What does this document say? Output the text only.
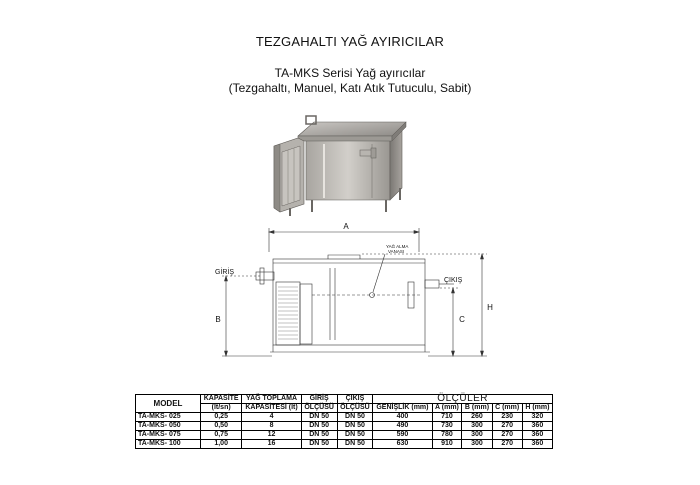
TEZGAHALTI YAĞ AYIRICILAR
TA-MKS Serisi Yağ ayırıcılar
(Tezgahaltı, Manuel, Katı Atık Tutuculu, Sabit)
A
B	C
H
GİRİŞ
ÇIKIŞ
YAĞ ALMA
VANASI
MODEL	KAPASİTE	YAĞ TOPLAMA	GİRİŞ	ÇIKIŞ	ÖLÇÜLER				
	(lt/sn)	KAPASİTESİ (lt)	ÖLÇÜSÜ	ÖLÇÜSÜ	GENİŞLİK (mm)	A (mm)	B (mm)	C (mm)	H (mm)
TA-MKS- 025	0,25	4	DN 50	DN 50	400	710	260	230	320
TA-MKS- 050	0,50	8	DN 50	DN 50	490	730	300	270	360
TA-MKS- 075	0,75	12	DN 50	DN 50	590	780	300	270	360
TA-MKS- 100	1,00	16	DN 50	DN 50	630	910	300	270	360
